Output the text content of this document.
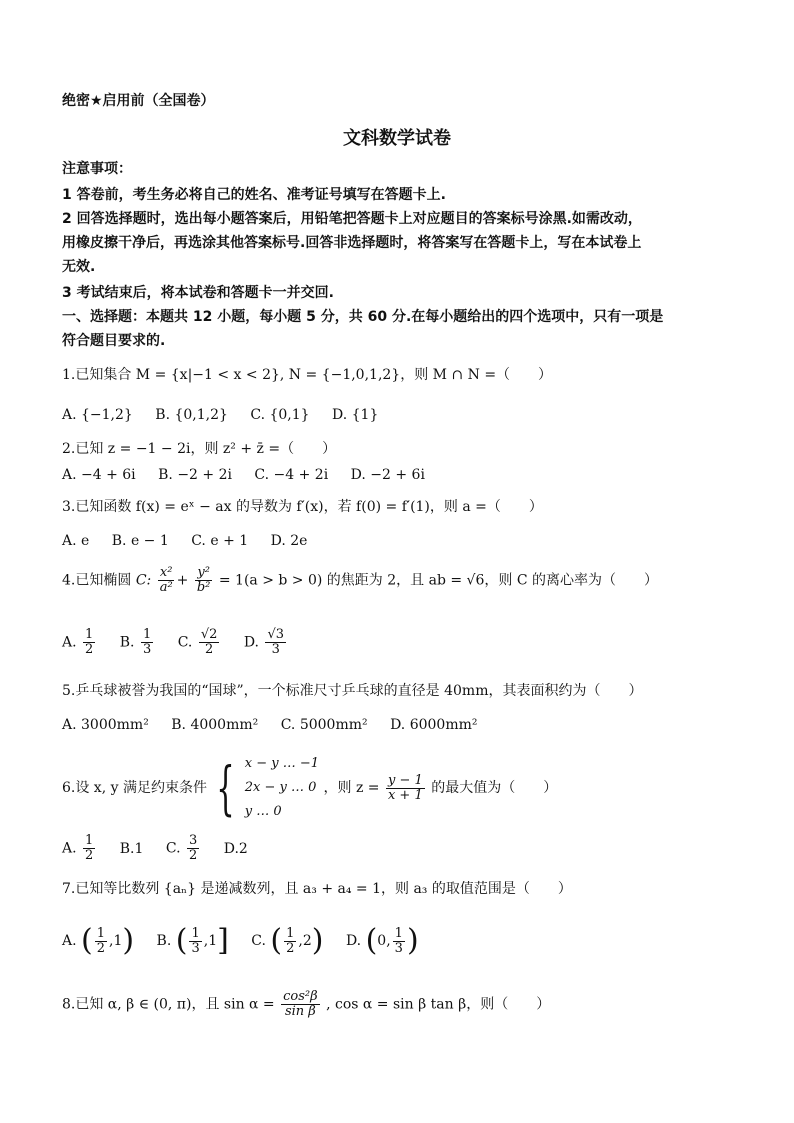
绝密★启用前（全国卷）
文科数学试卷
注意事项：
1 答卷前，考生务必将自己的姓名、准考证号填写在答题卡上.
2 回答选择题时，选出每小题答案后，用铅笔把答题卡上对应题目的答案标号涂黑.如需改动，
用橡皮擦干净后，再选涂其他答案标号.回答非选择题时，将答案写在答题卡上，写在本试卷上
无效.
3 考试结束后，将本试卷和答题卡一并交回.
一、选择题：本题共 12 小题，每小题 5 分，共 60 分.在每小题给出的四个选项中，只有一项是
符合题目要求的.
1.已知集合 M = {x|−1 < x < 2}, N = {−1,0,1,2}，则 M ∩ N =（　　）
A. {−1,2} B. {0,1,2} C. {0,1} D. {1}
2.已知 z = −1 − 2i，则 z² + z̄ =（　　）
A. −4 + 6i B. −2 + 2i C. −4 + 2i D. −2 + 6i
3.已知函数 f(x) = eˣ − ax 的导数为 f′(x)，若 f(0) = f′(1)，则 a =（　　）
A. e B. e − 1 C. e + 1 D. 2e
4.已知椭圆 C: $\frac{\text{x²}}{\text{a²}} + \frac{\text{y²}}{\text{b²}} = 1(a > b > 0)$ 的焦距为 2，且 ab = √6，则 C 的离心率为（　　）
A. $\frac{1}{2} B$. $\frac{1}{3} C$. $\frac{√2}{2} D$. $\frac{√3}{3}$
5.乒乓球被誉为我国的“国球”，一个标准尺寸乒乓球的直径是 40mm，其表面积约为（　　）
A. 3000mm² B. 4000mm² C. 5000mm² D. 6000mm²
6.设 x, y 满足约束条件 { x − y … −1
2x − y … 0
y … 0
，则 $z = \frac{y - 1}{x + 1}$ 的最大值为（　　）
A. $\frac{1}{2} B.1$ C. $\frac{3}{2} D.2$
7.已知等比数列 {aₙ} 是递减数列，且 a₃ + a₄ = 1，则 a₃ 的取值范围是（　　）
A. ( $\frac{1}{2} ,1$) B. ( $\frac{1}{3} ,1$] C. ( $\frac{1}{2} ,2$) D. (0, $\frac{1}{3}$ )
8.已知 α, β ∈ (0, π)，且 $\sin \alpha = \frac{\text{cos²β}}{\text{sin β}}$ , cos α = sin β tan β，则（　　）
